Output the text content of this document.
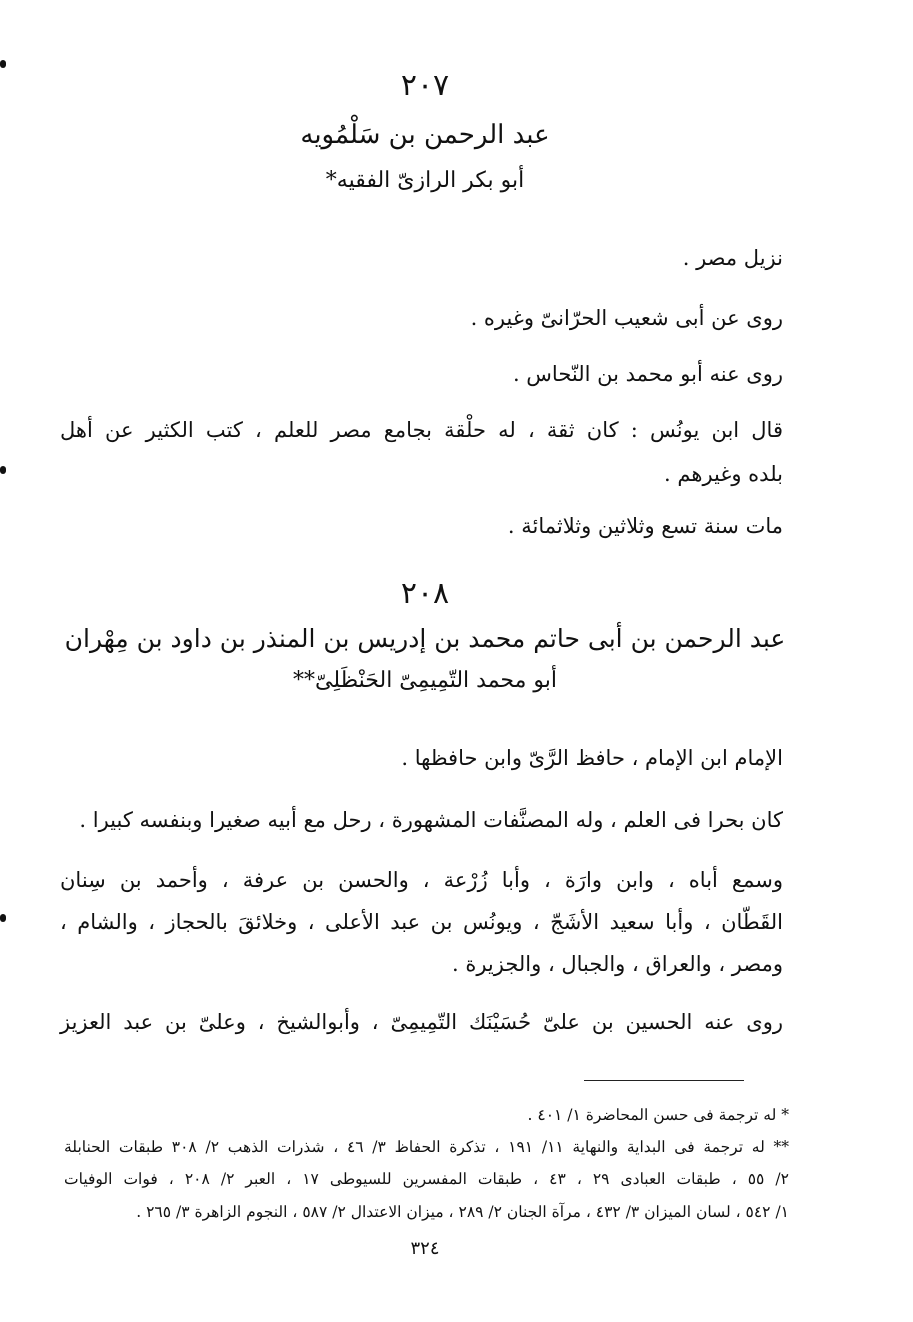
٢٠٧
عبد الرحمن بن سَلْمُويه
أبو بكر الرازىّ الفقيه*
نزيل مصر .
روى عن أبى شعيب الحرّانىّ وغيره .
روى عنه أبو محمد بن النّحاس .
قال ابن يونُس : كان ثقة ، له حلْقة بجامع مصر للعلم ، كتب الكثير عن أهل
بلده وغيرهم .
مات سنة تسع وثلاثين وثلاثمائة .
٢٠٨
عبد الرحمن بن أبى حاتم محمد بن إدريس بن المنذر بن داود بن مِهْران
أبو محمد التّمِيمِىّ الحَنْظَلِىّ**
الإمام ابن الإمام ، حافظ الرَّىّ وابن حافظها .
كان بحرا فى العلم ، وله المصنَّفات المشهورة ، رحل مع أبيه صغيرا وبنفسه كبيرا .
وسمع أباه ، وابن وارَة ، وأبا زُرْعة ، والحسن بن عرفة ، وأحمد بن سِنان
القَطّان ، وأبا سعيد الأشَجّ ، ويونُس بن عبد الأعلى ، وخلائقَ بالحجاز ، والشام ،
ومصر ، والعراق ، والجبال ، والجزيرة .
روى عنه الحسين بن علىّ حُسَيْنَك التّمِيمِىّ ، وأبوالشيخ ، وعلىّ بن عبد العزيز
* له ترجمة فى حسن المحاضرة ١/ ٤٠١ .
** له ترجمة فى البداية والنهاية ١١/ ١٩١ ، تذكرة الحفاظ ٣/ ٤٦ ، شذرات الذهب ٢/ ٣٠٨ طبقات الحنابلة
٢/ ٥٥ ، طبقات العبادى ٢٩ ، ٤٣ ، طبقات المفسرين للسيوطى ١٧ ، العبر ٢/ ٢٠٨ ، فوات الوفيات
١/ ٥٤٢ ، لسان الميزان ٣/ ٤٣٢ ، مرآة الجنان ٢/ ٢٨٩ ، ميزان الاعتدال ٢/ ٥٨٧ ، النجوم الزاهرة ٣/ ٢٦٥ .
٣٢٤
